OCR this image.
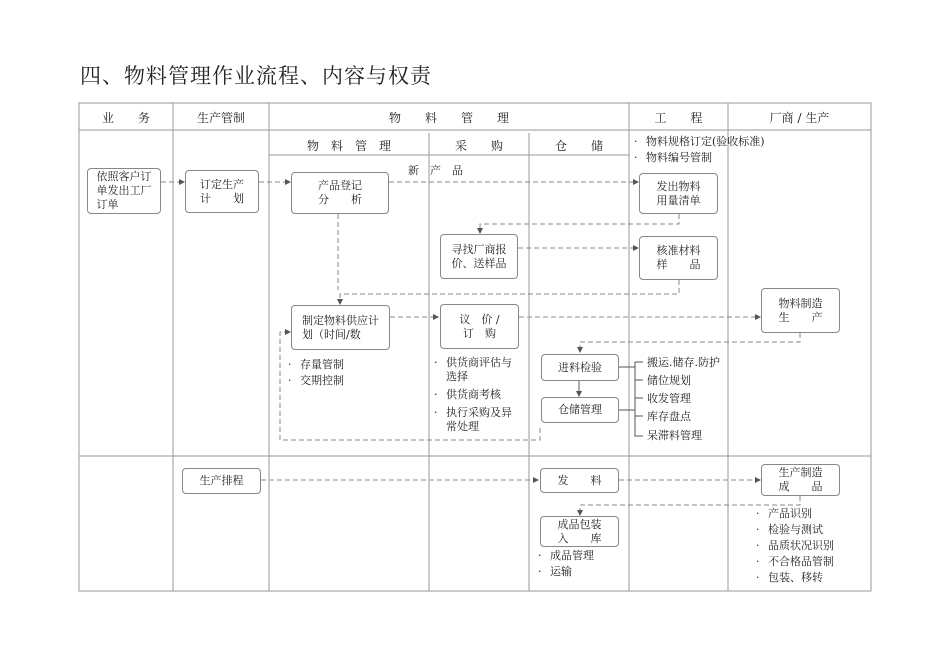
四、物料管理作业流程、内容与权责
业　　务	生产管制	物　　料　　管　　理	工　　程	厂商 / 生产
物　料　管　理	采　　购	仓　　储
新　产　品
依照客户订
单发出工厂
订单
订定生产
计　　划
产品登记
分　　析
发出物料
用量清单
寻找厂商报
价、送样品
核准材料
样　　品
制定物料供应计
划（时间/数
议　价 /
订　购
物料制造
生　　产
进料检验
仓储管理
生产排程	发　　料
生产制造
成　　品
成品包装
入　　库
· 物料规格订定(验收标准)
· 物料编号管制
· 存量管制
· 交期控制
· 供货商评估与
选择
· 供货商考核
· 执行采购及异
常处理
搬运.储存.防护
储位规划
收发管理
库存盘点
呆滞料管理
· 成品管理
· 运输
· 产品识别
· 检验与测试
· 品质状况识别
· 不合格品管制
· 包装、移转
